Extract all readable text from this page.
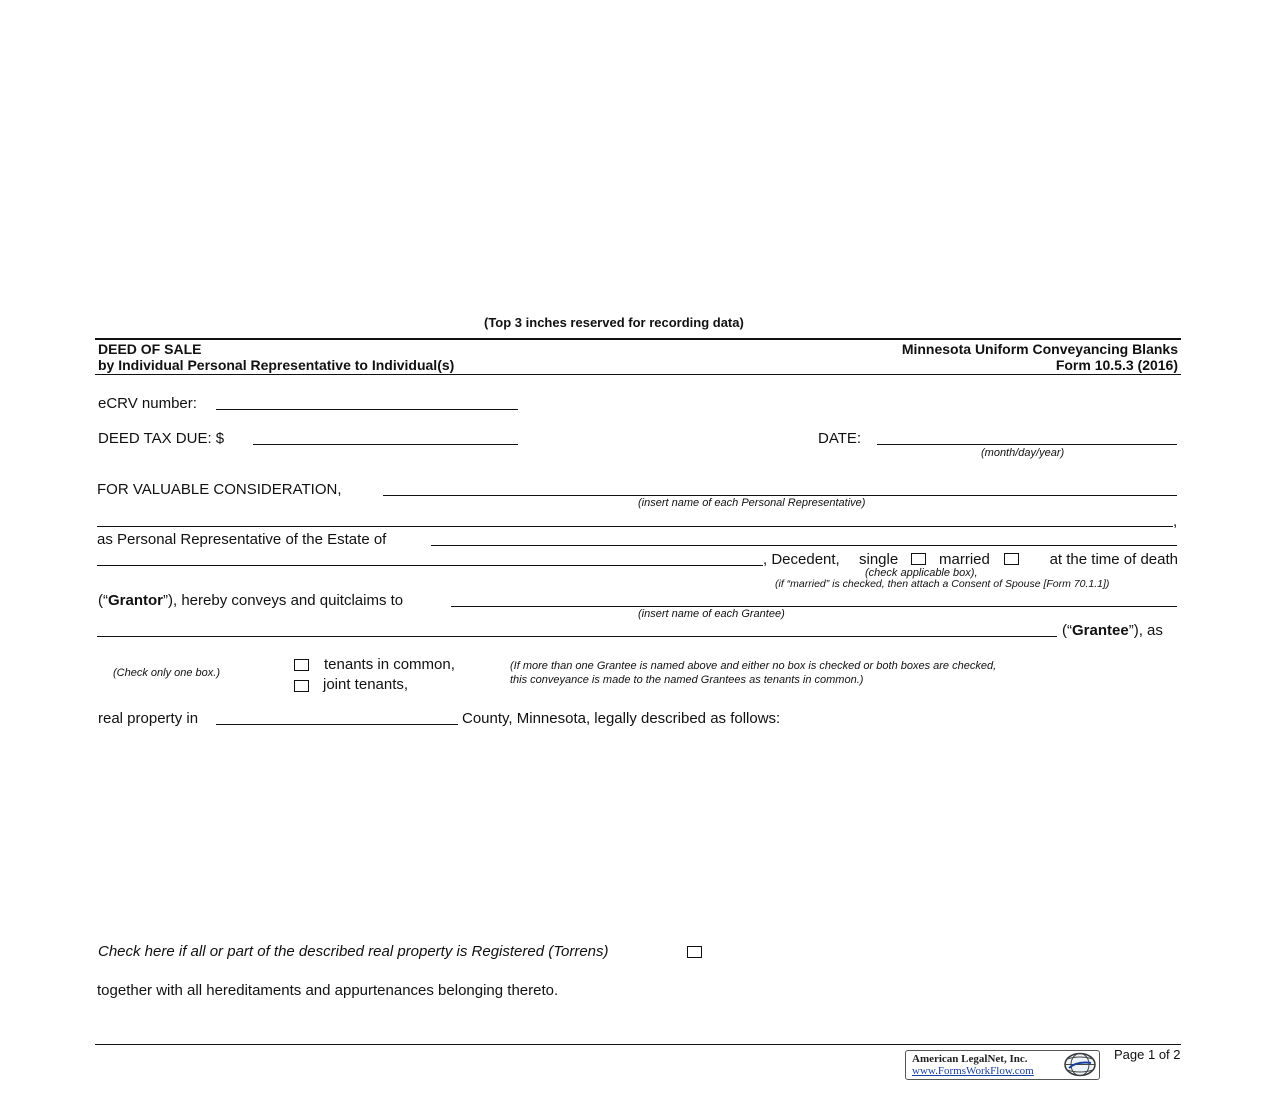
(Top 3 inches reserved for recording data)
DEED OF SALE
by Individual Personal Representative to Individual(s)
Minnesota Uniform Conveyancing Blanks
Form 10.5.3 (2016)
eCRV number:
DEED TAX DUE: $	DATE:
(month/day/year)
FOR VALUABLE CONSIDERATION,
(insert name of each Personal Representative)
,
as Personal Representative of the Estate of
, Decedent, single	married	at the time of death
(check applicable box),
(if “married” is checked, then attach a Consent of Spouse [Form 70.1.1])
(“Grantor”), hereby conveys and quitclaims to
(insert name of each Grantee)
(“Grantee”), as
(Check only one box.)	tenants in common,
joint tenants,
(If more than one Grantee is named above and either no box is checked or both boxes are checked,
this conveyance is made to the named Grantees as tenants in common.)
real property in	County, Minnesota, legally described as follows:
Check here if all or part of the described real property is Registered (Torrens)
together with all hereditaments and appurtenances belonging thereto.
American LegalNet, Inc.
www.FormsWorkFlow.com
Page 1 of 2
